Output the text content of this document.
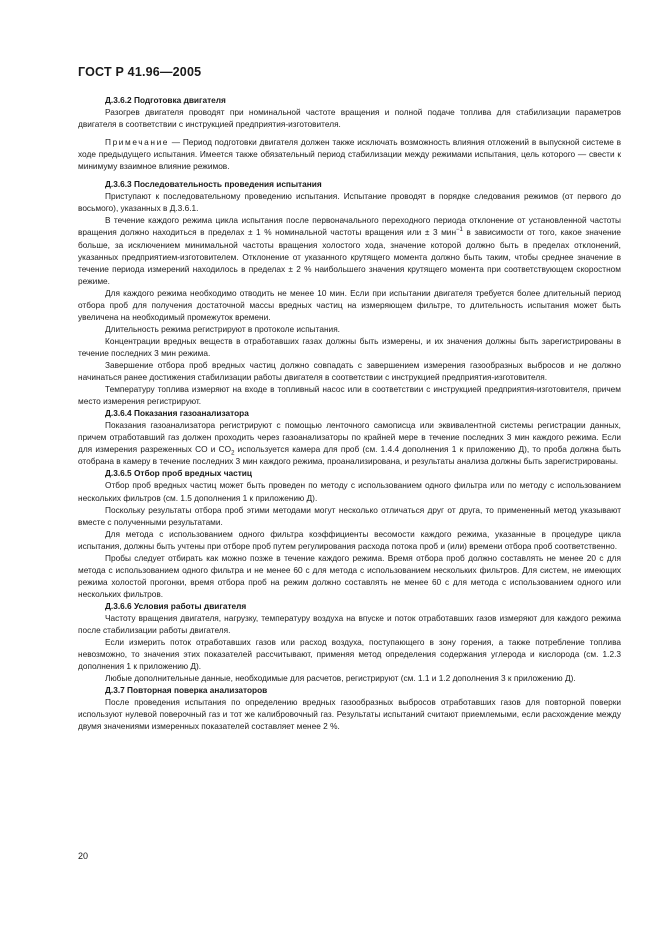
ГОСТ Р 41.96—2005

Д.3.6.2 Подготовка двигателя

Разогрев двигателя проводят при номинальной частоте вращения и полной подаче топлива для стабилизации параметров двигателя в соответствии с инструкцией предприятия-изготовителя.

Примечание — Период подготовки двигателя должен также исключать возможность влияния отложений в выпускной системе в ходе предыдущего испытания. Имеется также обязательный период стабилизации между режимами испытания, цель которого — свести к минимуму взаимное влияние режимов.

Д.3.6.3 Последовательность проведения испытания

Приступают к последовательному проведению испытания. Испытание проводят в порядке следования режимов (от первого до восьмого), указанных в Д.3.6.1.

В течение каждого режима цикла испытания после первоначального переходного периода отклонение от установленной частоты вращения должно находиться в пределах ± 1 % номинальной частоты вращения или ± 3 мин$^{-1}$ в зависимости от того, какое значение больше, за исключением минимальной частоты вращения холостого хода, значение которой должно быть в пределах отклонений, указанных предприятием-изготовителем. Отклонение от указанного крутящего момента должно быть таким, чтобы среднее значение в течение периода измерений находилось в пределах ± 2 % наибольшего значения крутящего момента при соответствующем скоростном режиме.

Для каждого режима необходимо отводить не менее 10 мин. Если при испытании двигателя требуется более длительный период отбора проб для получения достаточной массы вредных частиц на измеряющем фильтре, то длительность испытания может быть увеличена на необходимый промежуток времени.

Длительность режима регистрируют в протоколе испытания.

Концентрации вредных веществ в отработавших газах должны быть измерены, и их значения должны быть зарегистрированы в течение последних 3 мин режима.

Завершение отбора проб вредных частиц должно совпадать с завершением измерения газообразных выбросов и не должно начинаться ранее достижения стабилизации работы двигателя в соответствии с инструкцией предприятия-изготовителя.

Температуру топлива измеряют на входе в топливный насос или в соответствии с инструкцией предприятия-изготовителя, причем место измерения регистрируют.

Д.3.6.4 Показания газоанализатора

Показания газоанализатора регистрируют с помощью ленточного самописца или эквивалентной системы регистрации данных, причем отработавший газ должен проходить через газоанализаторы по крайней мере в течение последних 3 мин каждого режима. Если для измерения разреженных CO и $CO_2$ используется камера для проб (см. 1.4.4 дополнения 1 к приложению Д), то проба должна быть отобрана в камеру в течение последних 3 мин каждого режима, проанализирована, и результаты анализа должны быть зарегистрированы.

Д.3.6.5 Отбор проб вредных частиц

Отбор проб вредных частиц может быть проведен по методу с использованием одного фильтра или по методу с использованием нескольких фильтров (см. 1.5 дополнения 1 к приложению Д).

Поскольку результаты отбора проб этими методами могут несколько отличаться друг от друга, то примененный метод указывают вместе с полученными результатами.

Для метода с использованием одного фильтра коэффициенты весомости каждого режима, указанные в процедуре цикла испытания, должны быть учтены при отборе проб путем регулирования расхода потока проб и (или) времени отбора проб соответственно.

Пробы следует отбирать как можно позже в течение каждого режима. Время отбора проб должно составлять не менее 20 с для метода с использованием одного фильтра и не менее 60 с для метода с использованием нескольких фильтров. Для систем, не имеющих режима холостой прогонки, время отбора проб на режим должно составлять не менее 60 с для метода с использованием одного или нескольких фильтров.

Д.3.6.6 Условия работы двигателя

Частоту вращения двигателя, нагрузку, температуру воздуха на впуске и поток отработавших газов измеряют для каждого режима после стабилизации работы двигателя.

Если измерить поток отработавших газов или расход воздуха, поступающего в зону горения, а также потребление топлива невозможно, то значения этих показателей рассчитывают, применяя метод определения содержания углерода и кислорода (см. 1.2.3 дополнения 1 к приложению Д).

Любые дополнительные данные, необходимые для расчетов, регистрируют (см. 1.1 и 1.2 дополнения 3 к приложению Д).

Д.3.7 Повторная поверка анализаторов

После проведения испытания по определению вредных газообразных выбросов отработавших газов для повторной поверки используют нулевой поверочный газ и тот же калибровочный газ. Результаты испытаний считают приемлемыми, если расхождение между двумя значениями измеренных показателей составляет менее 2 %.

20
